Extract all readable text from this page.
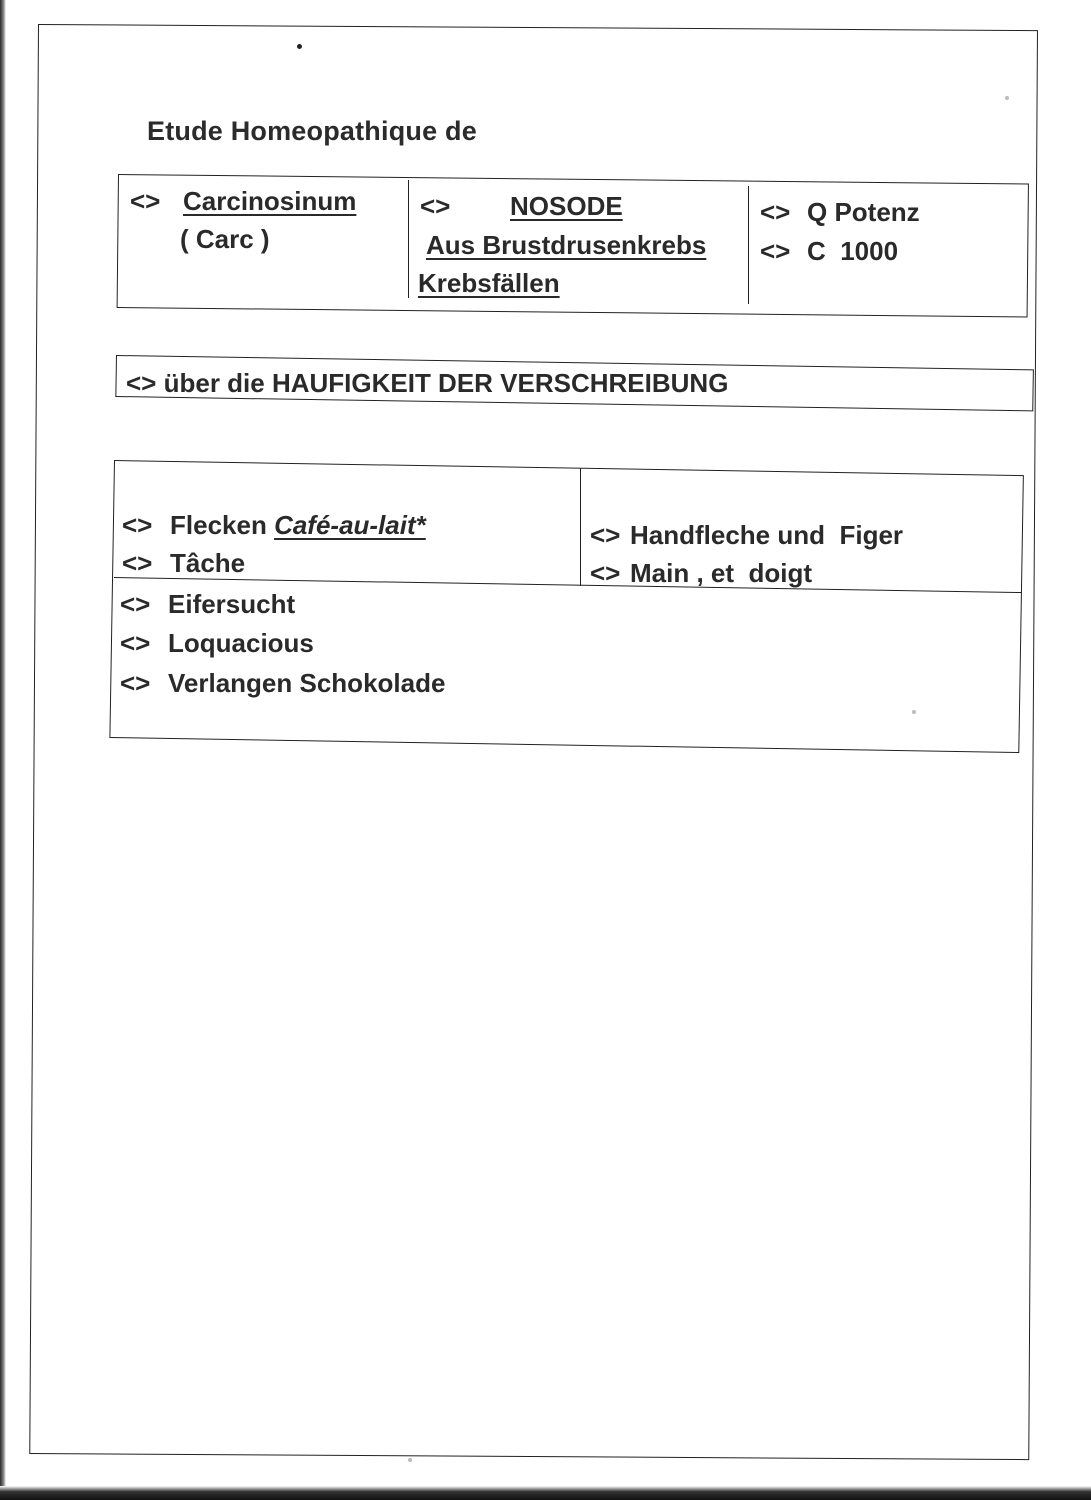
Etude Homeopathique de
<> Carcinosinum
( Carc )
<> NOSODE
Aus Brustdrusenkrebs
Krebsfällen
<> Q Potenz
<> C  1000
<> über die HAUFIGKEIT DER VERSCHREIBUNG
<> Flecken Café-au-lait*
<> Tâche
<> Handfleche und  Figer
<> Main , et  doigt
<> Eifersucht
<> Loquacious
<> Verlangen Schokolade
